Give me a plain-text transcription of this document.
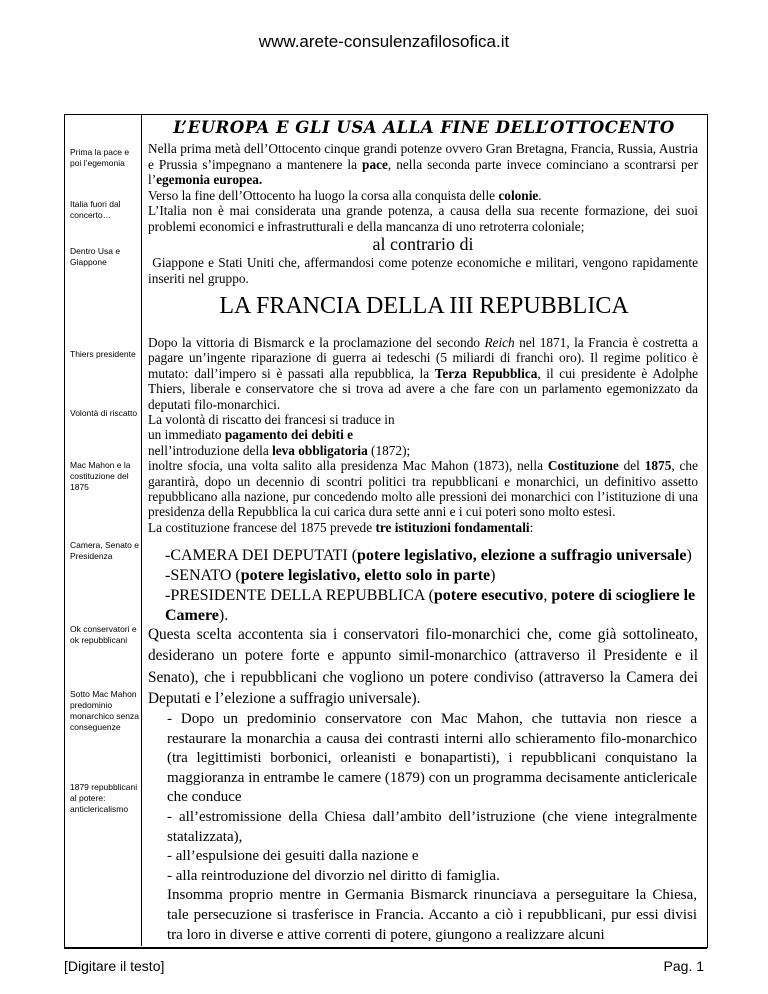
www.arete-consulenzafilosofica.it
Prima la pace e poi l’egemonia
Italia fuori dal concerto…
Dentro Usa e Giappone
Thiers presidente
Volontà di riscatto
Mac Mahon e la costituzione del 1875
Camera, Senato e Presidenza
Ok conservatori e ok repubblicani
Sotto Mac Mahon predominio monarchico senza conseguenze
1879 repubblicani al potere: anticlericalismo
L’EUROPA E GLI USA ALLA FINE DELL’OTTOCENTO
Nella prima metà dell’Ottocento cinque grandi potenze ovvero Gran Bretagna, Francia, Russia, Austria e Prussia s’impegnano a mantenere la pace, nella seconda parte invece cominciano a scontrarsi per l’egemonia europea.
Verso la fine dell’Ottocento ha luogo la corsa alla conquista delle colonie.
L’Italia non è mai considerata una grande potenza, a causa della sua recente formazione, dei suoi problemi economici e infrastrutturali e della mancanza di uno retroterra coloniale;
al contrario di
Giappone e Stati Uniti che, affermandosi come potenze economiche e militari, vengono rapidamente inseriti nel gruppo.
LA FRANCIA DELLA III REPUBBLICA
Dopo la vittoria di Bismarck e la proclamazione del secondo Reich nel 1871, la Francia è costretta a pagare un’ingente riparazione di guerra ai tedeschi (5 miliardi di franchi oro). Il regime politico è mutato: dall’impero si è passati alla repubblica, la Terza Repubblica, il cui presidente è Adolphe Thiers, liberale e conservatore che si trova ad avere a che fare con un parlamento egemonizzato da deputati filo-monarchici.
La volontà di riscatto dei francesi si traduce in
un immediato pagamento dei debiti e
nell’introduzione della leva obbligatoria (1872);
inoltre sfocia, una volta salito alla presidenza Mac Mahon (1873), nella Costituzione del 1875, che garantirà, dopo un decennio di scontri politici tra repubblicani e monarchici, un definitivo assetto repubblicano alla nazione, pur concedendo molto alle pressioni dei monarchici con l’istituzione di una presidenza della Repubblica la cui carica dura sette anni e i cui poteri sono molto estesi.
La costituzione francese del 1875 prevede tre istituzioni fondamentali:
-CAMERA DEI DEPUTATI (potere legislativo, elezione a suffragio universale)
-SENATO (potere legislativo, eletto solo in parte)
-PRESIDENTE DELLA REPUBBLICA (potere esecutivo, potere di sciogliere le Camere).
Questa scelta accontenta sia i conservatori filo-monarchici che, come già sottolineato, desiderano un potere forte e appunto simil-monarchico (attraverso il Presidente e il Senato), che i repubblicani che vogliono un potere condiviso (attraverso la Camera dei Deputati e l’elezione a suffragio universale).
- Dopo un predominio conservatore con Mac Mahon, che tuttavia non riesce a restaurare la monarchia a causa dei contrasti interni allo schieramento filo-monarchico (tra legittimisti borbonici, orleanisti e bonapartisti), i repubblicani conquistano la maggioranza in entrambe le camere (1879) con un programma decisamente anticlericale che conduce
- all’estromissione della Chiesa dall’ambito dell’istruzione (che viene integralmente statalizzata),
- all’espulsione dei gesuiti dalla nazione e
- alla reintroduzione del divorzio nel diritto di famiglia.
Insomma proprio mentre in Germania Bismarck rinunciava a perseguitare la Chiesa, tale persecuzione si trasferisce in Francia. Accanto a ciò i repubblicani, pur essi divisi tra loro in diverse e attive correnti di potere, giungono a realizzare alcuni
[Digitare il testo]	Pag. 1
